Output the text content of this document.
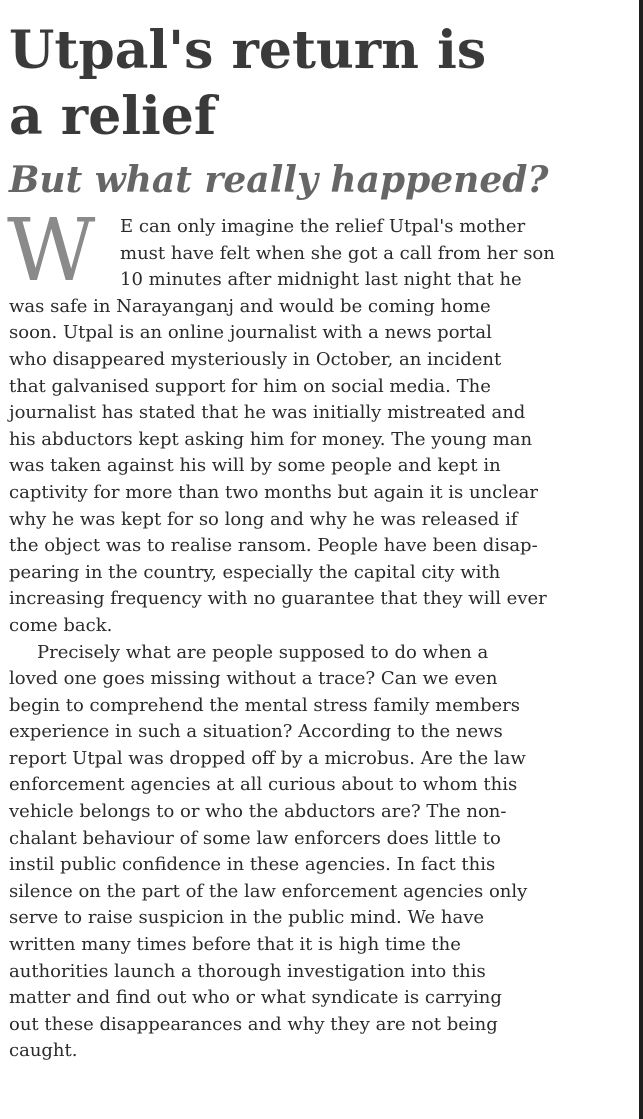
Utpal's return is
a relief
But what really happened?
W	E can only imagine the relief Utpal's mother
must have felt when she got a call from her son
10 minutes after midnight last night that he
was safe in Narayanganj and would be coming home
soon. Utpal is an online journalist with a news portal
who disappeared mysteriously in October, an incident
that galvanised support for him on social media. The
journalist has stated that he was initially mistreated and
his abductors kept asking him for money. The young man
was taken against his will by some people and kept in
captivity for more than two months but again it is unclear
why he was kept for so long and why he was released if
the object was to realise ransom. People have been disap-
pearing in the country, especially the capital city with
increasing frequency with no guarantee that they will ever
come back.
Precisely what are people supposed to do when a
loved one goes missing without a trace? Can we even
begin to comprehend the mental stress family members
experience in such a situation? According to the news
report Utpal was dropped off by a microbus. Are the law
enforcement agencies at all curious about to whom this
vehicle belongs to or who the abductors are? The non-
chalant behaviour of some law enforcers does little to
instil public confidence in these agencies. In fact this
silence on the part of the law enforcement agencies only
serve to raise suspicion in the public mind. We have
written many times before that it is high time the
authorities launch a thorough investigation into this
matter and find out who or what syndicate is carrying
out these disappearances and why they are not being
caught.
